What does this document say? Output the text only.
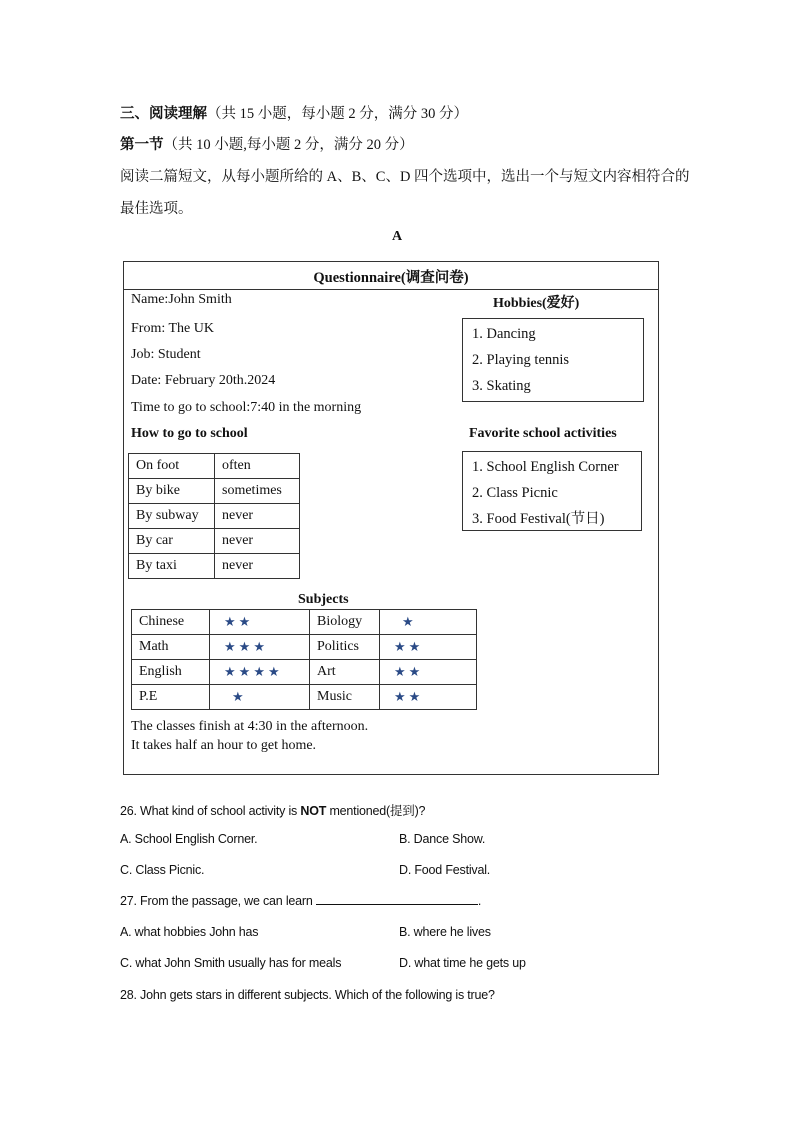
三、阅读理解（共 15 小题，每小题 2 分，满分 30 分）
第一节（共 10 小题,每小题 2 分，满分 20 分）
阅读二篇短文，从每小题所给的 A、B、C、D 四个选项中，选出一个与短文内容相符合的
最佳选项。
A
Questionnaire(调查问卷)
Name:John Smith
From: The UK
Job: Student
Date: February 20th.2024
Time to go to school:7:40 in the morning
Hobbies(爱好)
1. Dancing
2. Playing tennis
3. Skating
How to go to school
On foot	often
By bike	sometimes
By subway	never
By car	never
By taxi	never
Favorite school activities
1. School English Corner
2. Class Picnic
3. Food Festival(节日)
Subjects
Chinese	★★	Biology	★
Math	★★★	Politics	★★
English	★★★★	Art	★★
P.E	★	Music	★★
The classes finish at 4:30 in the afternoon.
It takes half an hour to get home.
26. What kind of school activity is NOT mentioned(提到)?
A. School English Corner.	B. Dance Show.
C. Class Picnic.	D. Food Festival.
27. From the passage, we can learn	.
A. what hobbies John has	B. where he lives
C. what John Smith usually has for meals	D. what time he gets up
28. John gets stars in different subjects. Which of the following is true?
